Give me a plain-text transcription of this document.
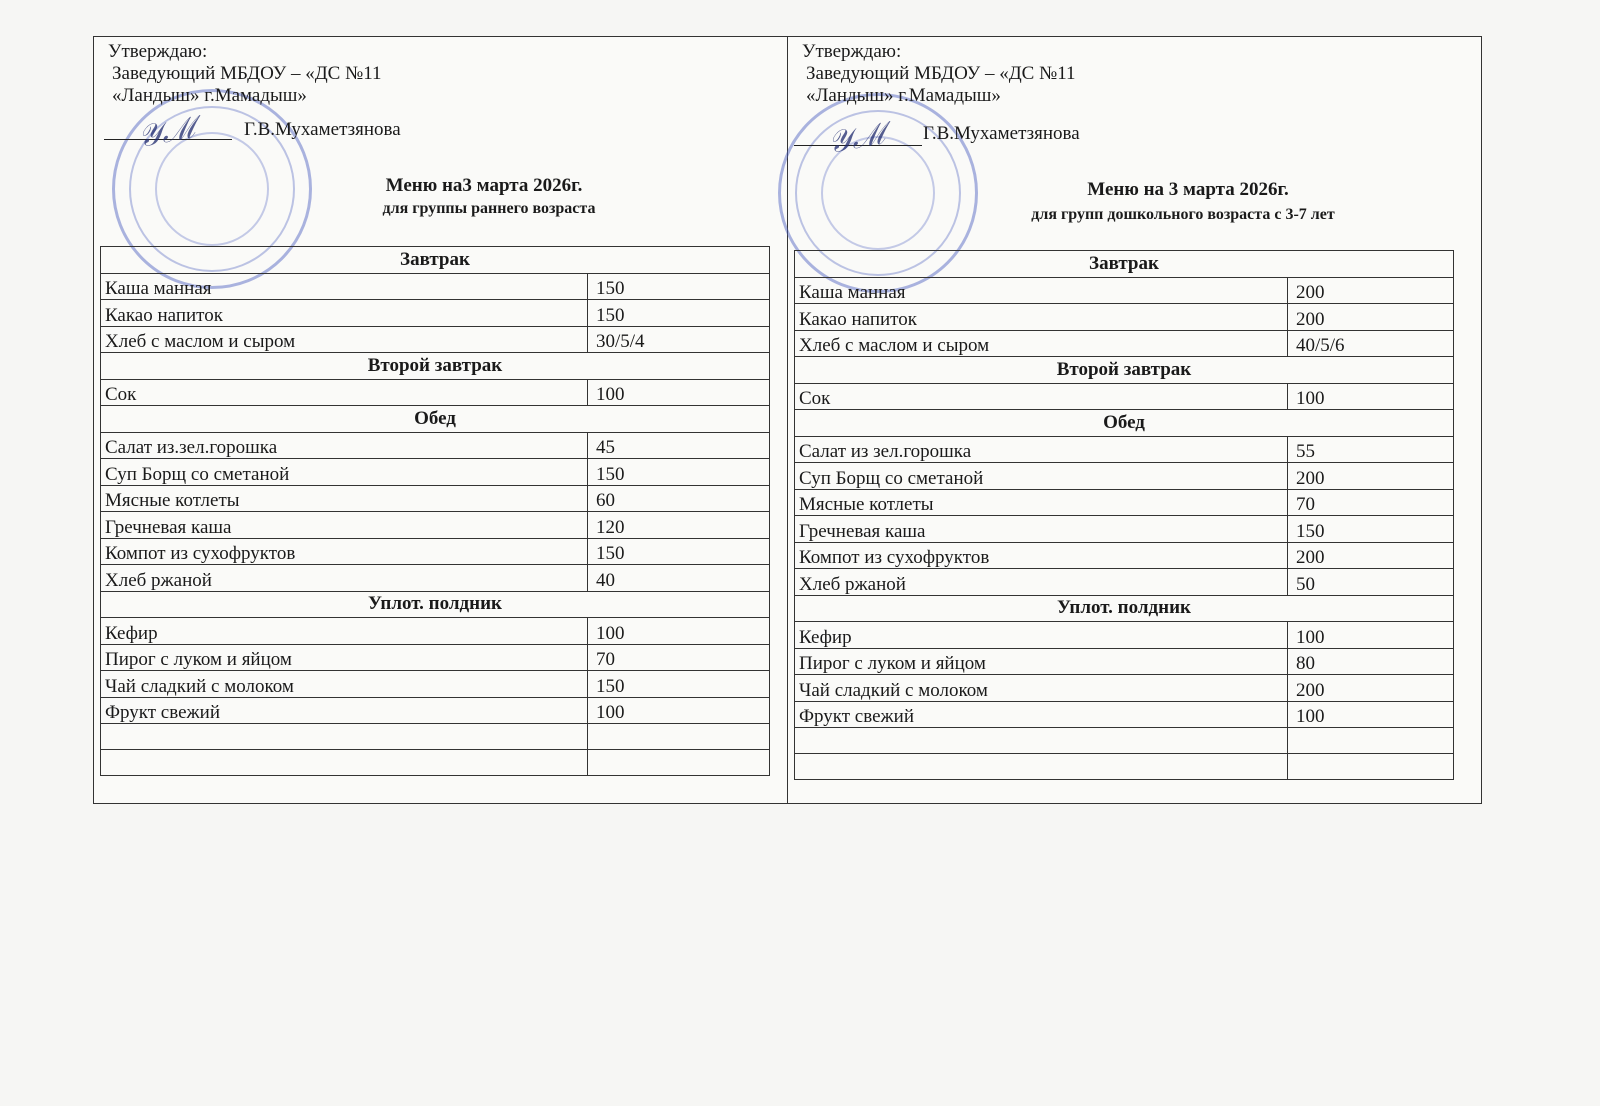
Утверждаю:
Заведующий МБДОУ – «ДС №11
«Ландыш» г.Мамадыш»
𝒴ℳ Г.В.Мухаметзянова
Меню на3 марта 2026г.
для группы раннего возраста
Завтрак	
Каша манная	150
Какао напиток	150
Хлеб с маслом и сыром	30/5/4
Второй завтрак	
Сок	100
Обед	
Салат из.зел.горошка	45
Суп Борщ со сметаной	150
Мясные котлеты	60
Гречневая каша	120
Компот из сухофруктов	150
Хлеб ржаной	40
Уплот. полдник	
Кефир	100
Пирог с луком и яйцом	70
Чай сладкий с молоком	150
Фрукт свежий	100

Утверждаю:
Заведующий МБДОУ – «ДС №11
«Ландыш» г.Мамадыш»
𝒴ℳ Г.В.Мухаметзянова
Меню на 3 марта 2026г.
для групп дошкольного возраста с 3-7 лет
Завтрак	
Каша манная	200
Какао напиток	200
Хлеб с маслом и сыром	40/5/6
Второй завтрак	
Сок	100
Обед	
Салат из зел.горошка	55
Суп Борщ со сметаной	200
Мясные котлеты	70
Гречневая каша	150
Компот из сухофруктов	200
Хлеб ржаной	50
Уплот. полдник	
Кефир	100
Пирог с луком и яйцом	80
Чай сладкий с молоком	200
Фрукт свежий	100
